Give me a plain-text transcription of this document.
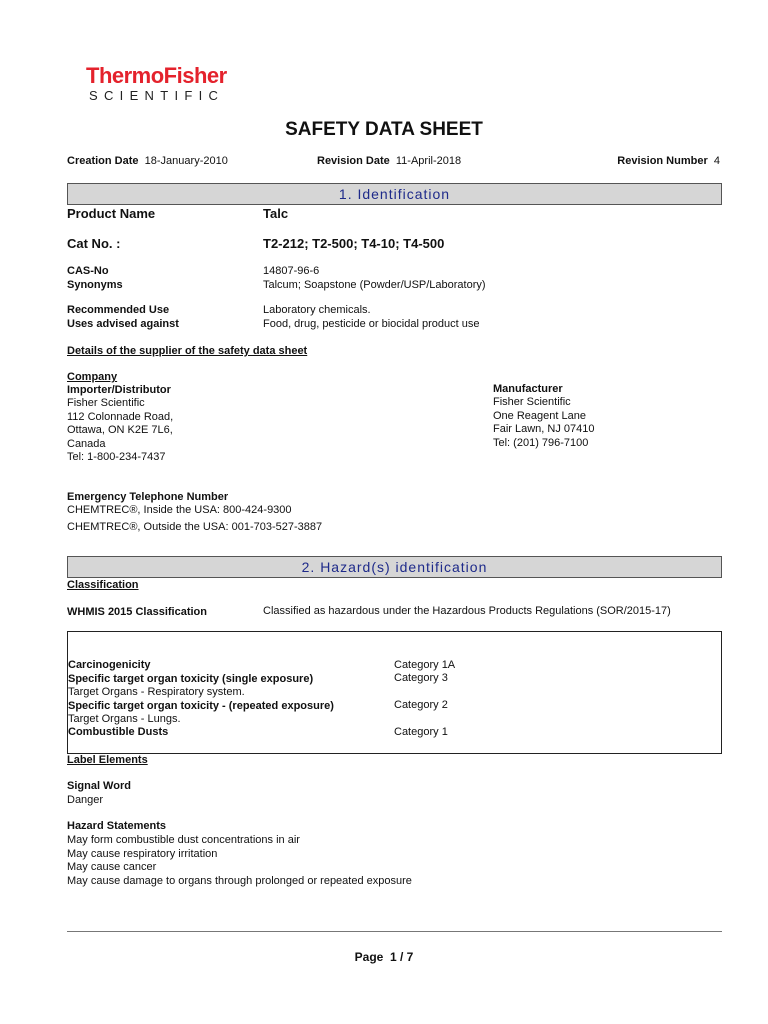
ThermoFisher
SCIENTIFIC
SAFETY DATA SHEET
Creation Date 18-January-2010	Revision Date 11-April-2018	Revision Number 4
1. Identification
Product Name	Talc
Cat No. :	T2-212; T2-500; T4-10; T4-500
CAS-No	14807-96-6
Synonyms	Talcum; Soapstone (Powder/USP/Laboratory)
Recommended Use	Laboratory chemicals.
Uses advised against	Food, drug, pesticide or biocidal product use
Details of the supplier of the safety data sheet
Company
Importer/Distributor
Fisher Scientific
112 Colonnade Road,
Ottawa, ON K2E 7L6,
Canada
Tel: 1-800-234-7437
Manufacturer
Fisher Scientific
One Reagent Lane
Fair Lawn, NJ 07410
Tel: (201) 796-7100
Emergency Telephone Number
CHEMTREC®, Inside the USA: 800-424-9300
CHEMTREC®, Outside the USA: 001-703-527-3887
2. Hazard(s) identification
Classification
WHMIS 2015 Classification	Classified as hazardous under the Hazardous Products Regulations (SOR/2015-17)
Carcinogenicity	Category 1A
Specific target organ toxicity (single exposure)	Category 3
Target Organs - Respiratory system.
Specific target organ toxicity - (repeated exposure)	Category 2
Target Organs - Lungs.
Combustible Dusts	Category 1
Label Elements
Signal Word
Danger
Hazard Statements
May form combustible dust concentrations in air
May cause respiratory irritation
May cause cancer
May cause damage to organs through prolonged or repeated exposure
Page 1 / 7
